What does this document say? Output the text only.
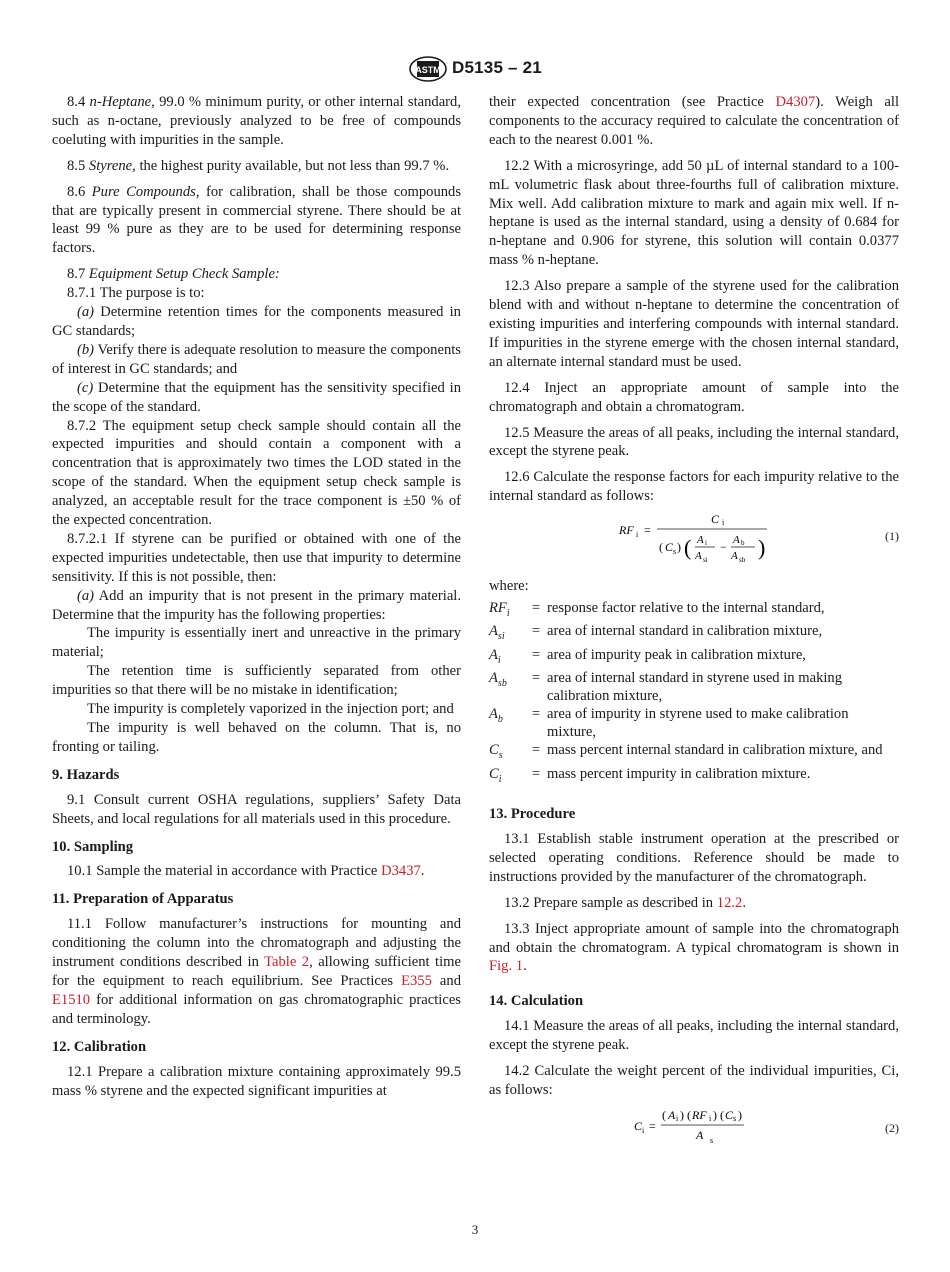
ASTM D5135 – 21

8.4 n-Heptane, 99.0 % minimum purity, or other internal standard, such as n-octane, previously analyzed to be free of compounds coeluting with impurities in the sample.

8.5 Styrene, the highest purity available, but not less than 99.7 %.

8.6 Pure Compounds, for calibration, shall be those compounds that are typically present in commercial styrene. There should be at least 99 % pure as they are to be used for determining response factors.

8.7 Equipment Setup Check Sample:

8.7.1 The purpose is to:

(a) Determine retention times for the components measured in GC standards;

(b) Verify there is adequate resolution to measure the components of interest in GC standards; and

(c) Determine that the equipment has the sensitivity specified in the scope of the standard.

8.7.2 The equipment setup check sample should contain all the expected impurities and should contain a component with a concentration that is approximately two times the LOD stated in the scope of the standard. When the equipment setup check sample is analyzed, an acceptable result for the trace component is ±50 % of the expected concentration.

8.7.2.1 If styrene can be purified or obtained with one of the expected impurities undetectable, then use that impurity to determine sensitivity. If this is not possible, then:

(a) Add an impurity that is not present in the primary material. Determine that the impurity has the following properties:

The impurity is essentially inert and unreactive in the primary material;

The retention time is sufficiently separated from other impurities so that there will be no mistake in identification;

The impurity is completely vaporized in the injection port; and

The impurity is well behaved on the column. That is, no fronting or tailing.

9. Hazards

9.1 Consult current OSHA regulations, suppliers’ Safety Data Sheets, and local regulations for all materials used in this procedure.

10. Sampling

10.1 Sample the material in accordance with Practice D3437.

11. Preparation of Apparatus

11.1 Follow manufacturer’s instructions for mounting and conditioning the column into the chromatograph and adjusting the instrument conditions described in Table 2, allowing sufficient time for the equipment to reach equilibrium. See Practices E355 and E1510 for additional information on gas chromatographic practices and terminology.

12. Calibration

12.1 Prepare a calibration mixture containing approximately 99.5 mass % styrene and the expected significant impurities at

their expected concentration (see Practice D4307). Weigh all components to the accuracy required to calculate the concentration of each to the nearest 0.001 %.

12.2 With a microsyringe, add 50 µL of internal standard to a 100-mL volumetric flask about three-fourths full of calibration mixture. Mix well. Add calibration mixture to mark and again mix well. If n-heptane is used as the internal standard, using a density of 0.684 for n-heptane and 0.906 for styrene, this solution will contain 0.0377 mass % n-heptane.

12.3 Also prepare a sample of the styrene used for the calibration blend with and without n-heptane to determine the concentration of existing impurities and interfering compounds with internal standard. If impurities in the styrene emerge with the chosen internal standard, an alternate internal standard must be used.

12.4 Inject an appropriate amount of sample into the chromatograph and obtain a chromatogram.

12.5 Measure the areas of all peaks, including the internal standard, except the styrene peak.

12.6 Calculate the response factors for each impurity relative to the internal standard as follows:

RF i =
C i
( C s ) ( A i
A si
− A b
A sb )	(1)
where:
$RF_i$	=	response factor relative to the internal standard,
$A_{si}$	=	area of internal standard in calibration mixture,
$A_i$	=	area of impurity peak in calibration mixture,
$A_{sb}$	=	area of internal standard in styrene used in making calibration mixture,
$A_b$	=	area of impurity in styrene used to make calibration mixture,
$C_s$	=	mass percent internal standard in calibration mixture, and
$C_i$	=	mass percent impurity in calibration mixture.
13. Procedure

13.1 Establish stable instrument operation at the prescribed or selected operating conditions. Reference should be made to instructions provided by the manufacturer of the chromatograph.

13.2 Prepare sample as described in 12.2.

13.3 Inject appropriate amount of sample into the chromatograph and obtain the chromatogram. A typical chromatogram is shown in Fig. 1.

14. Calculation

14.1 Measure the areas of all peaks, including the internal standard, except the styrene peak.

14.2 Calculate the weight percent of the individual impurities, Ci, as follows:

C i =
( A i ) ( RF i ) ( C s )
A s
(2)
3
